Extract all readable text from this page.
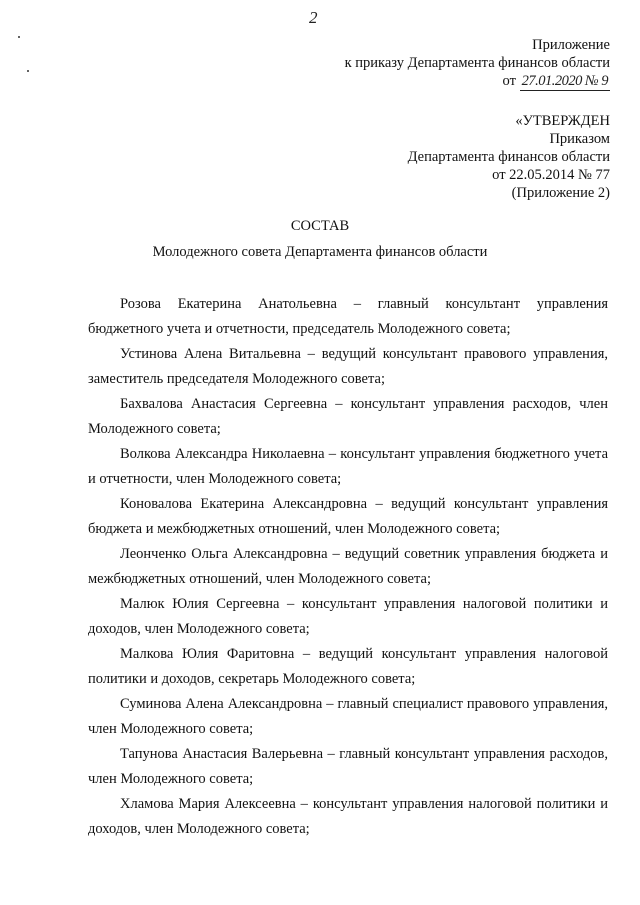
2
Приложение
к приказу Департамента финансов области
от 27.01.2020 № 9
«УТВЕРЖДЕН
Приказом
Департамента финансов области
от 22.05.2014 № 77
(Приложение 2)
СОСТАВ
Молодежного совета Департамента финансов области

Розова Екатерина Анатольевна – главный консультант управления бюджетного учета и отчетности, председатель Молодежного совета;

Устинова Алена Витальевна – ведущий консультант правового управления, заместитель председателя Молодежного совета;

Бахвалова Анастасия Сергеевна – консультант управления расходов, член Молодежного совета;

Волкова Александра Николаевна – консультант управления бюджетного учета и отчетности, член Молодежного совета;

Коновалова Екатерина Александровна – ведущий консультант управления бюджета и межбюджетных отношений, член Молодежного совета;

Леонченко Ольга Александровна – ведущий советник управления бюджета и межбюджетных отношений, член Молодежного совета;

Малюк Юлия Сергеевна – консультант управления налоговой политики и доходов, член Молодежного совета;

Малкова Юлия Фаритовна – ведущий консультант управления налоговой политики и доходов, секретарь Молодежного совета;

Суминова Алена Александровна – главный специалист правового управления, член Молодежного совета;

Тапунова Анастасия Валерьевна – главный консультант управления расходов, член Молодежного совета;

Хламова Мария Алексеевна – консультант управления налоговой политики и доходов, член Молодежного совета;
